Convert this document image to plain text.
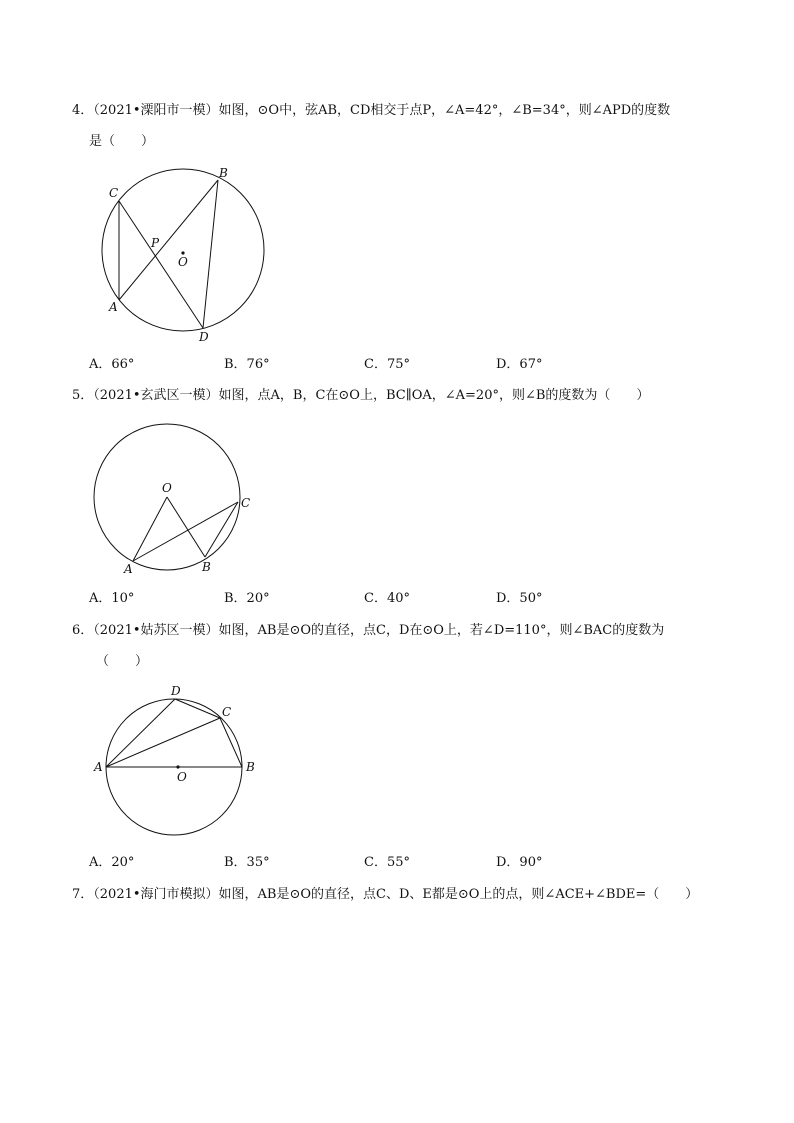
4．（2021•溧阳市一模）如图，⊙O中，弦AB，CD相交于点P，∠A=42°，∠B=34°，则∠APD的度数
是（　　）
C
B
P
O
A
D
A．66°	B．76°	C．75°	D．67°
5．（2021•玄武区一模）如图，点A，B，C在⊙O上，BC∥OA，∠A=20°，则∠B的度数为（　　）
O
C
A	B
A．10°	B．20°	C．40°	D．50°
6．（2021•姑苏区一模）如图，AB是⊙O的直径，点C，D在⊙O上，若∠D=110°，则∠BAC的度数为
（　　）
D
C
A	B
O
A．20°	B．35°	C．55°	D．90°
7．（2021•海门市模拟）如图，AB是⊙O的直径，点C、D、E都是⊙O上的点，则∠ACE+∠BDE=（　　）
